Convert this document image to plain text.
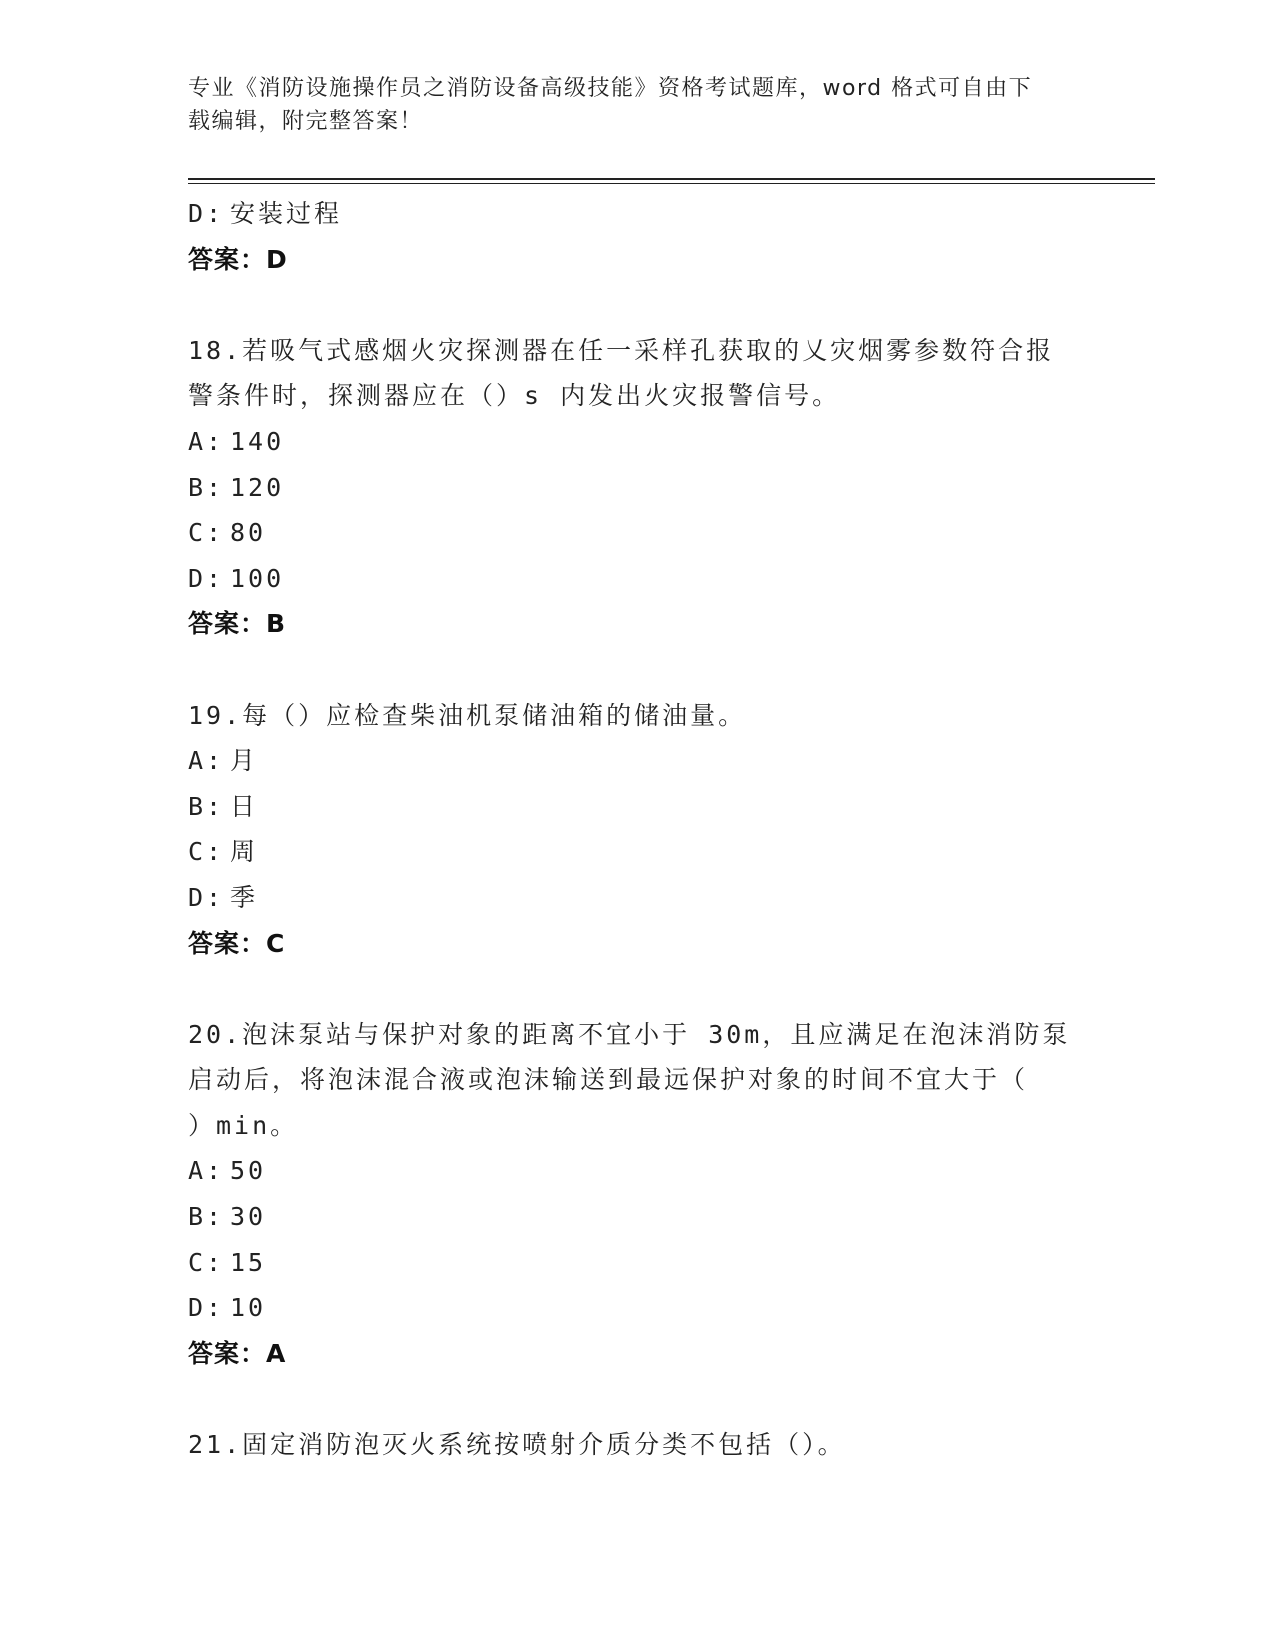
专业《消防设施操作员之消防设备高级技能》资格考试题库，word 格式可自由下
载编辑，附完整答案！
D: 安装过程
答案：D
18.若吸气式感烟火灾探测器在任一采样孔获取的乂灾烟雾参数符合报
警条件时，探测器应在（）s 内发出火灾报警信号。
A: 140
B: 120
C: 80
D: 100
答案：B
19.每（）应检查柴油机泵储油箱的储油量。
A: 月
B: 日
C: 周
D: 季
答案：C
20.泡沫泵站与保护对象的距离不宜小于 30m，且应满足在泡沫消防泵
启动后，将泡沫混合液或泡沫输送到最远保护对象的时间不宜大于（
）min。
A: 50
B: 30
C: 15
D: 10
答案：A
21.固定消防泡灭火系统按喷射介质分类不包括（）。
